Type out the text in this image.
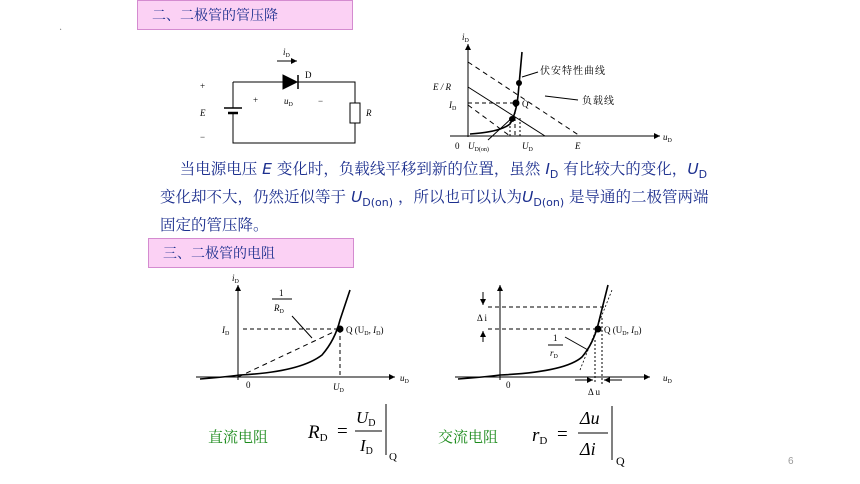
.
二、二极管的管压降
三、二极管的电阻
$i_D$
D
+
E
−
+	$u_D$	−
R
$i_D$
$u_D$
E / R
$I_D$	Q
0 $U_{D(on)}$	$U_D$	E
伏安特性曲线
负载线
$i_D$
$u_D$
$I_D$
1
$R_D$
Q ($U_D$, $I_D$)
0	$U_D$
$u_D$
Δ i
1
$r_D$
Q ($U_D$, $I_D$)
0
Δ u
RD =
UD
ID Q
rD =
Δu
Δi
Q
当电源电压 E 变化时，负载线平移到新的位置，虽然 $I_D$ 有比较大的变化，$U_D$ 变化却不大，仍然近似等于 $U_{D(on)}$ ，所以也可以认为$U_{D(on)}$ 是导通的二极管两端固定的管压降。
直流电阻	交流电阻
6
